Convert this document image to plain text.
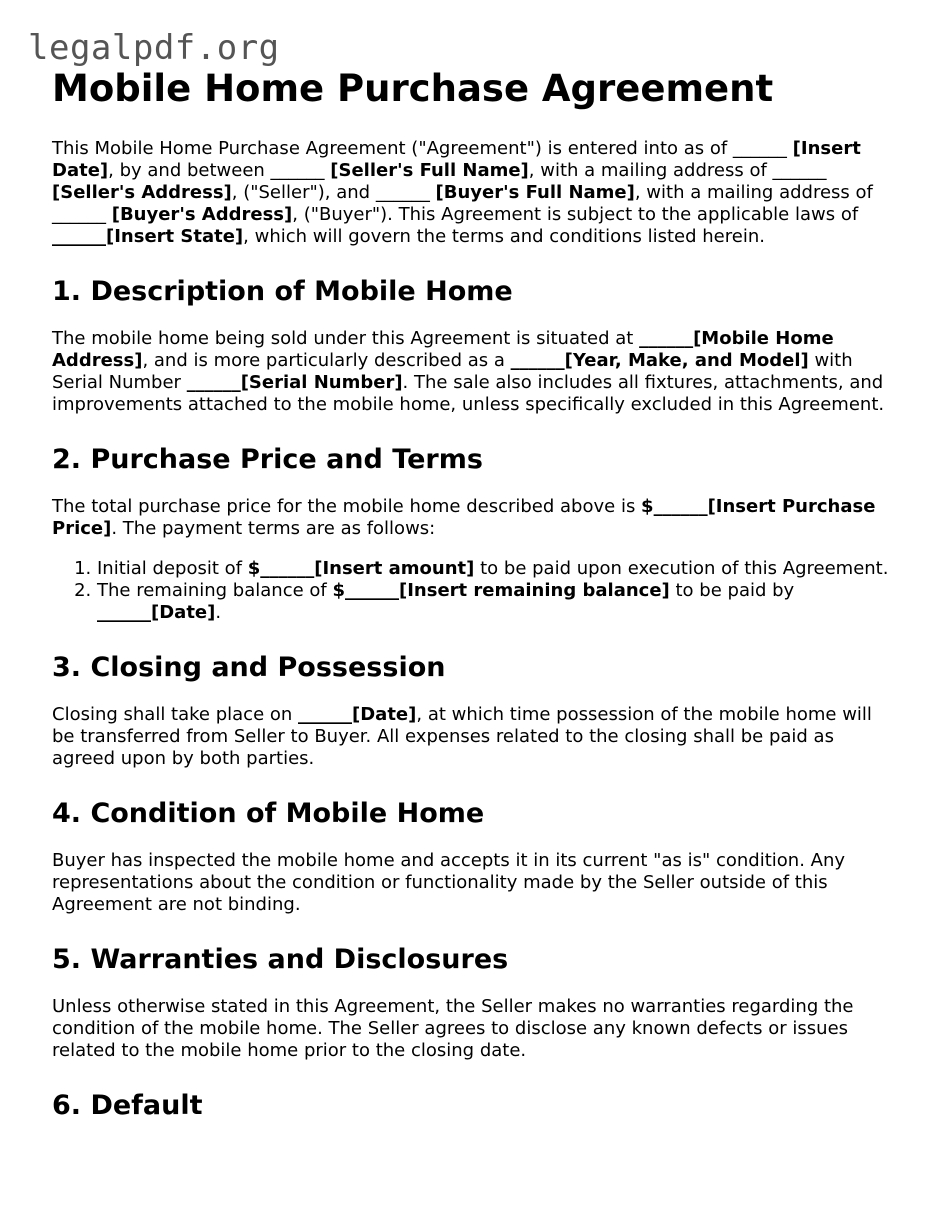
legalpdf.org
Mobile Home Purchase Agreement

This Mobile Home Purchase Agreement ("Agreement") is entered into as of ______ [Insert Date], by and between ______ [Seller's Full Name], with a mailing address of ______ [Seller's Address], ("Seller"), and ______ [Buyer's Full Name], with a mailing address of ______ [Buyer's Address], ("Buyer"). This Agreement is subject to the applicable laws of ______[Insert State], which will govern the terms and conditions listed herein.

1. Description of Mobile Home

The mobile home being sold under this Agreement is situated at ______[Mobile Home Address], and is more particularly described as a ______[Year, Make, and Model] with Serial Number ______[Serial Number]. The sale also includes all fixtures, attachments, and improvements attached to the mobile home, unless specifically excluded in this Agreement.

2. Purchase Price and Terms

The total purchase price for the mobile home described above is $______[Insert Purchase Price]. The payment terms are as follows:

1. Initial deposit of $______[Insert amount] to be paid upon execution of this Agreement.
2. The remaining balance of $______[Insert remaining balance] to be paid by ______[Date].
3. Closing and Possession

Closing shall take place on ______[Date], at which time possession of the mobile home will be transferred from Seller to Buyer. All expenses related to the closing shall be paid as agreed upon by both parties.

4. Condition of Mobile Home

Buyer has inspected the mobile home and accepts it in its current "as is" condition. Any representations about the condition or functionality made by the Seller outside of this Agreement are not binding.

5. Warranties and Disclosures

Unless otherwise stated in this Agreement, the Seller makes no warranties regarding the condition of the mobile home. The Seller agrees to disclose any known defects or issues related to the mobile home prior to the closing date.

6. Default
